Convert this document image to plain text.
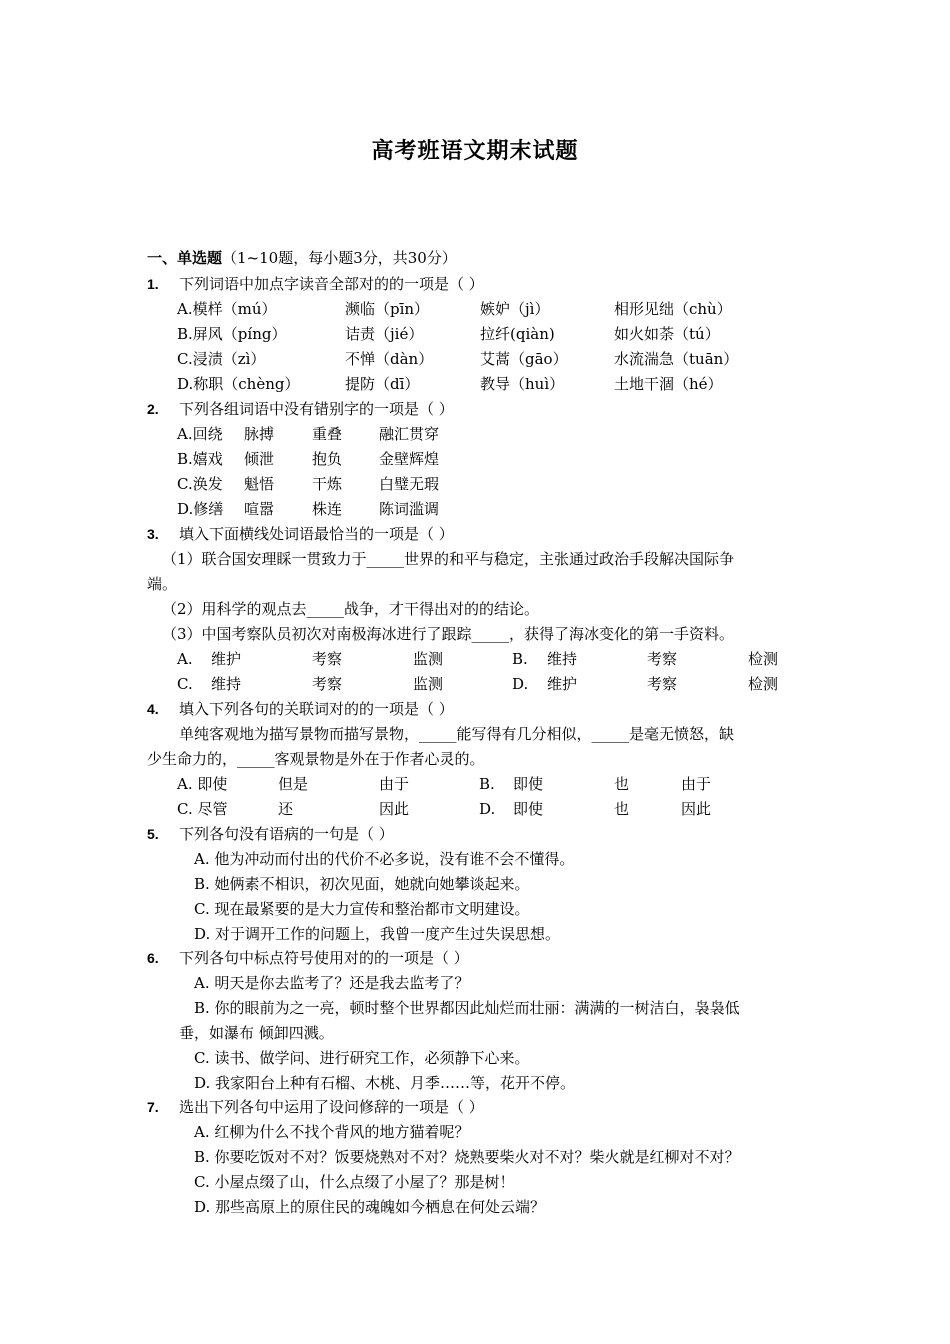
高考班语文期末试题
一、单选题（1~10题，每小题3分，共30分）
1.	下列词语中加点字读音全部对的的一项是（ ）
A.模样（mú）	濒临（pīn）	嫉妒（jì）	相形见绌（chù）
B.屏风（píng）	诘责（jié）	拉纤(qiàn)	如火如荼（tú）
C.浸渍（zì）	不惮（dàn）	艾蒿（gāo）	水流湍急（tuān）
D.称职（chèng）	提防（dī）	教导（huì）	土地干涸（hé）
2.	下列各组词语中没有错别字的一项是（ ）
A.回绕 脉搏	重叠 融汇贯穿
B.嬉戏 倾泄	抱负 金壁辉煌
C.涣发 魁悟	干炼 白璧无瑕
D.修缮 喧嚣	株连 陈词滥调
3.	填入下面横线处词语最恰当的一项是（ ）
（1）联合国安理睬一贯致力于_____世界的和平与稳定，主张通过政治手段解决国际争
端。
（2）用科学的观点去_____战争，才干得出对的的结论。
（3）中国考察队员初次对南极海冰进行了跟踪_____，获得了海冰变化的第一手资料。
A. 维护	考察	监测	B. 维持	考察	检测
C. 维持	考察	监测	D. 维护	考察	检测
4.	填入下列各句的关联词对的的一项是（ ）
单纯客观地为描写景物而描写景物，_____能写得有几分相似，_____是毫无愤怒，缺
少生命力的，_____客观景物是外在于作者心灵的。
A. 即使	但是	由于	B. 即使	也	由于
C. 尽管	还	因此	D. 即使	也	因此
5.	下列各句没有语病的一句是（ ）
A. 他为冲动而付出的代价不必多说，没有谁不会不懂得。
B. 她俩素不相识，初次见面，她就向她攀谈起来。
C. 现在最紧要的是大力宣传和整治都市文明建设。
D. 对于调开工作的问题上，我曾一度产生过失误思想。
6.	下列各句中标点符号使用对的的一项是（ ）
A. 明天是你去监考了？还是我去监考了？
B. 你的眼前为之一亮，顿时整个世界都因此灿烂而壮丽：满满的一树洁白，袅袅低
垂，如瀑布 倾卸四溅。
C. 读书、做学问、进行研究工作，必须静下心来。
D. 我家阳台上种有石榴、木桃、月季……等，花开不停。
7.	选出下列各句中运用了设问修辞的一项是（ ）
A. 红柳为什么不找个背风的地方猫着呢？
B. 你要吃饭对不对？饭要烧熟对不对？烧熟要柴火对不对？柴火就是红柳对不对？
C. 小屋点缀了山，什么点缀了小屋了？那是树！
D. 那些高原上的原住民的魂魄如今栖息在何处云端？
